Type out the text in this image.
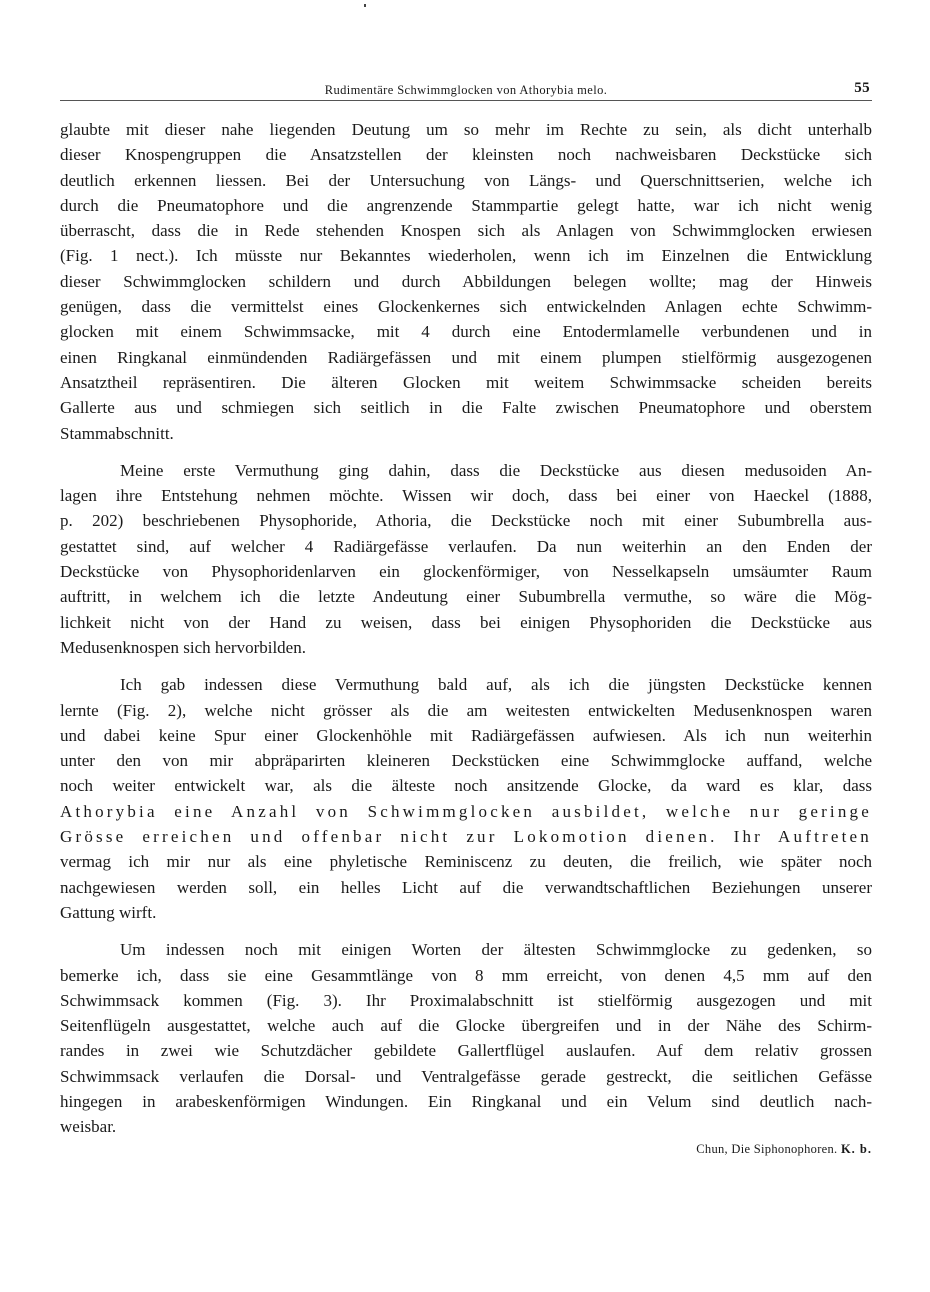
Rudimentäre Schwimmglocken von Athorybia melo.	55

glaubte mit dieser nahe liegenden Deutung um so mehr im Rechte zu sein, als dicht unterhalb
dieser Knospengruppen die Ansatzstellen der kleinsten noch nachweisbaren Deckstücke sich
deutlich erkennen liessen. Bei der Untersuchung von Längs- und Querschnittserien, welche ich
durch die Pneumatophore und die angrenzende Stammpartie gelegt hatte, war ich nicht wenig
überrascht, dass die in Rede stehenden Knospen sich als Anlagen von Schwimmglocken erwiesen
(Fig. 1 nect.). Ich müsste nur Bekanntes wiederholen, wenn ich im Einzelnen die Entwicklung
dieser Schwimmglocken schildern und durch Abbildungen belegen wollte; mag der Hinweis
genügen, dass die vermittelst eines Glockenkernes sich entwickelnden Anlagen echte Schwimm-
glocken mit einem Schwimmsacke, mit 4 durch eine Entodermlamelle verbundenen und in
einen Ringkanal einmündenden Radiärgefässen und mit einem plumpen stielförmig ausgezogenen
Ansatztheil repräsentiren. Die älteren Glocken mit weitem Schwimmsacke scheiden bereits
Gallerte aus und schmiegen sich seitlich in die Falte zwischen Pneumatophore und oberstem
Stammabschnitt.

Meine erste Vermuthung ging dahin, dass die Deckstücke aus diesen medusoiden An-
lagen ihre Entstehung nehmen möchte. Wissen wir doch, dass bei einer von Haeckel (1888,
p. 202) beschriebenen Physophoride, Athoria, die Deckstücke noch mit einer Subumbrella aus-
gestattet sind, auf welcher 4 Radiärgefässe verlaufen. Da nun weiterhin an den Enden der
Deckstücke von Physophoridenlarven ein glockenförmiger, von Nesselkapseln umsäumter Raum
auftritt, in welchem ich die letzte Andeutung einer Subumbrella vermuthe, so wäre die Mög-
lichkeit nicht von der Hand zu weisen, dass bei einigen Physophoriden die Deckstücke aus
Medusenknospen sich hervorbilden.

Ich gab indessen diese Vermuthung bald auf, als ich die jüngsten Deckstücke kennen
lernte (Fig. 2), welche nicht grösser als die am weitesten entwickelten Medusenknospen waren
und dabei keine Spur einer Glockenhöhle mit Radiärgefässen aufwiesen. Als ich nun weiterhin
unter den von mir abpräparirten kleineren Deckstücken eine Schwimmglocke auffand, welche
noch weiter entwickelt war, als die älteste noch ansitzende Glocke, da ward es klar, dass
Athorybia eine Anzahl von Schwimmglocken ausbildet, welche nur geringe
Grösse erreichen und offenbar nicht zur Lokomotion dienen. Ihr Auftreten
vermag ich mir nur als eine phyletische Reminiscenz zu deuten, die freilich, wie später noch
nachgewiesen werden soll, ein helles Licht auf die verwandtschaftlichen Beziehungen unserer
Gattung wirft.

Um indessen noch mit einigen Worten der ältesten Schwimmglocke zu gedenken, so
bemerke ich, dass sie eine Gesammtlänge von 8 mm erreicht, von denen 4,5 mm auf den
Schwimmsack kommen (Fig. 3). Ihr Proximalabschnitt ist stielförmig ausgezogen und mit
Seitenflügeln ausgestattet, welche auch auf die Glocke übergreifen und in der Nähe des Schirm-
randes in zwei wie Schutzdächer gebildete Gallertflügel auslaufen. Auf dem relativ grossen
Schwimmsack verlaufen die Dorsal- und Ventralgefässe gerade gestreckt, die seitlichen Gefässe
hingegen in arabeskenförmigen Windungen. Ein Ringkanal und ein Velum sind deutlich nach-
weisbar.

Chun, Die Siphonophoren. K. b.
